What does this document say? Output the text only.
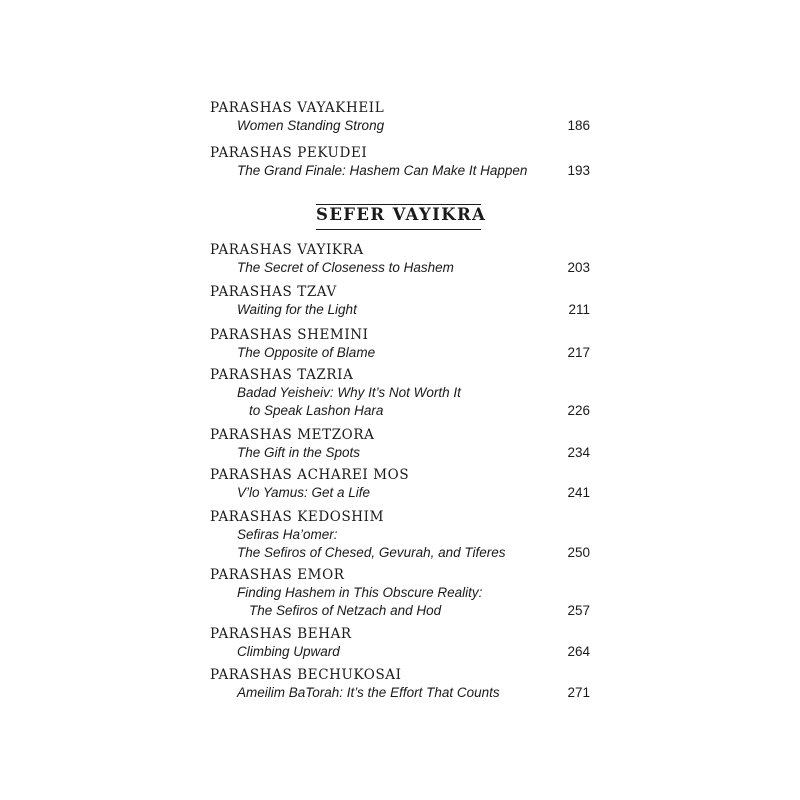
PARASHAS VAYAKHEIL
Women Standing Strong	186
PARASHAS PEKUDEI
The Grand Finale: Hashem Can Make It Happen	193
SEFER VAYIKRA
PARASHAS VAYIKRA
The Secret of Closeness to Hashem	203
PARASHAS TZAV
Waiting for the Light	211
PARASHAS SHEMINI
The Opposite of Blame	217
PARASHAS TAZRIA
Badad Yeisheiv: Why It’s Not Worth It
to Speak Lashon Hara	226
PARASHAS METZORA
The Gift in the Spots	234
PARASHAS ACHAREI MOS
V’lo Yamus: Get a Life	241
PARASHAS KEDOSHIM
Sefiras Ha’omer:
The Sefiros of Chesed, Gevurah, and Tiferes	250
PARASHAS EMOR
Finding Hashem in This Obscure Reality:
The Sefiros of Netzach and Hod	257
PARASHAS BEHAR
Climbing Upward	264
PARASHAS BECHUKOSAI
Ameilim BaTorah: It’s the Effort That Counts	271
